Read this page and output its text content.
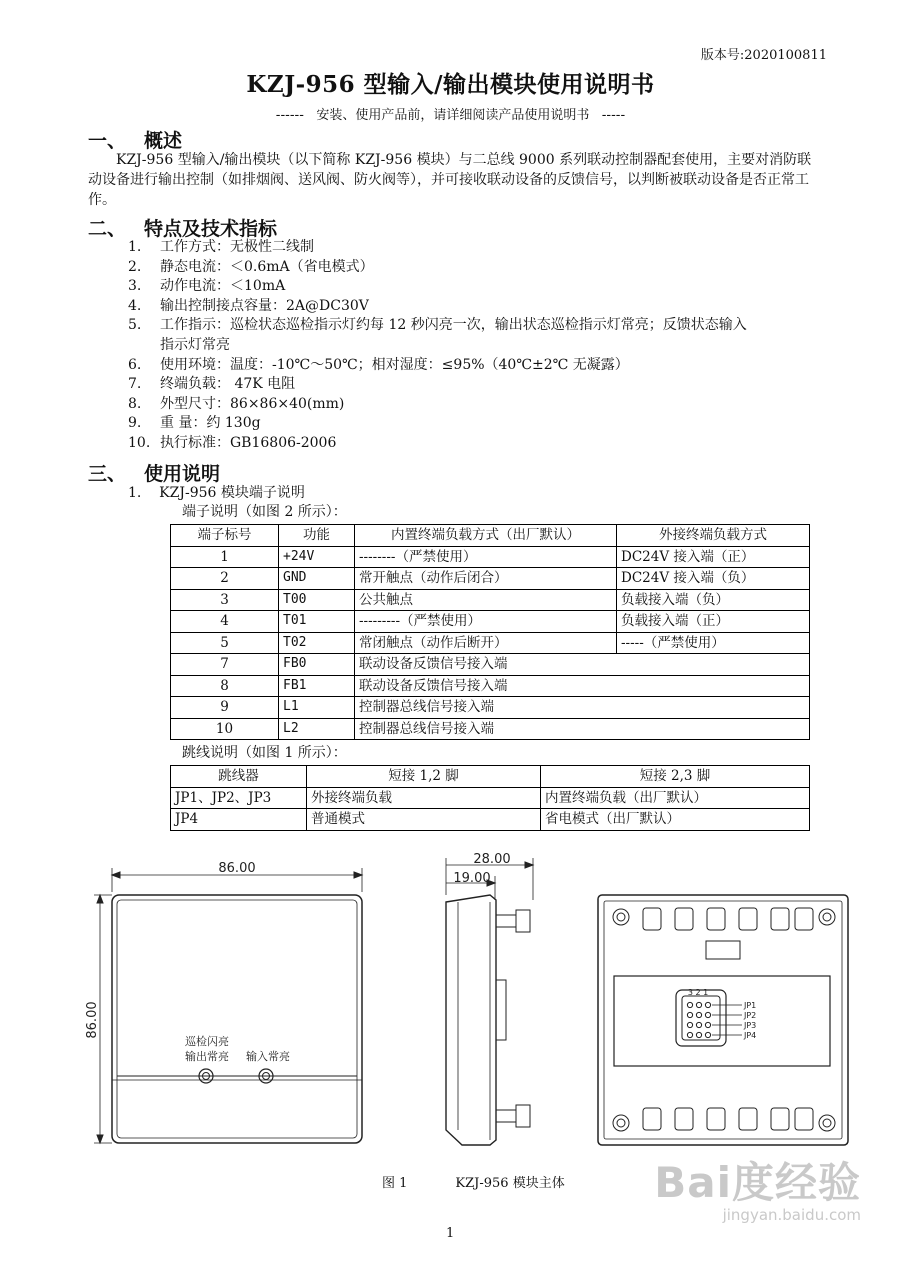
版本号:2020100811
KZJ-956 型输入/输出模块使用说明书
------   安装、使用产品前，请详细阅读产品使用说明书   -----
一、 概述
KZJ-956 型输入/输出模块（以下简称 KZJ-956 模块）与二总线 9000 系列联动控制器配套使用，主要对消防联动设备进行输出控制（如排烟阀、送风阀、防火阀等），并可接收联动设备的反馈信号，以判断被联动设备是否正常工作。
二、 特点及技术指标
1. 工作方式：无极性二线制
2. 静态电流：＜0.6mA（省电模式）
3. 动作电流：＜10mA
4. 输出控制接点容量：2A@DC30V
5. 工作指示：巡检状态巡检指示灯约每 12 秒闪亮一次，输出状态巡检指示灯常亮；反馈状态输入
指示灯常亮
6. 使用环境：温度：-10℃～50℃；相对湿度：≤95%（40℃±2℃ 无凝露）
7. 终端负载： 47K 电阻
8. 外型尺寸：86×86×40(mm)
9. 重 量：约 130g
10. 执行标准：GB16806-2006
三、 使用说明
1.    KZJ-956 模块端子说明
端子说明（如图 2 所示）：
端子标号	功能	内置终端负载方式（出厂默认）	外接终端负载方式
1	+24V	--------（严禁使用）	DC24V 接入端（正）
2	GND	常开触点（动作后闭合）	DC24V 接入端（负）
3	T00	公共触点	负载接入端（负）
4	T01	---------（严禁使用）	负载接入端（正）
5	T02	常闭触点（动作后断开）	-----（严禁使用）
7	FB0	联动设备反馈信号接入端	
8	FB1	联动设备反馈信号接入端	
9	L1	控制器总线信号接入端	
10	L2	控制器总线信号接入端	
跳线说明（如图 1 所示）：
跳线器	短接 1,2 脚	短接 2,3 脚
JP1、JP2、JP3	外接终端负载	内置终端负载（出厂默认）
JP4	普通模式	省电模式（出厂默认）
86.00
86.00
巡检闪亮
输出常亮 输入常亮
28.00
19.00
3 2 1
JP1
JP2
JP3
JP4
图 1	KZJ-956 模块主体
1
Bai度经验
jingyan.baidu.com
